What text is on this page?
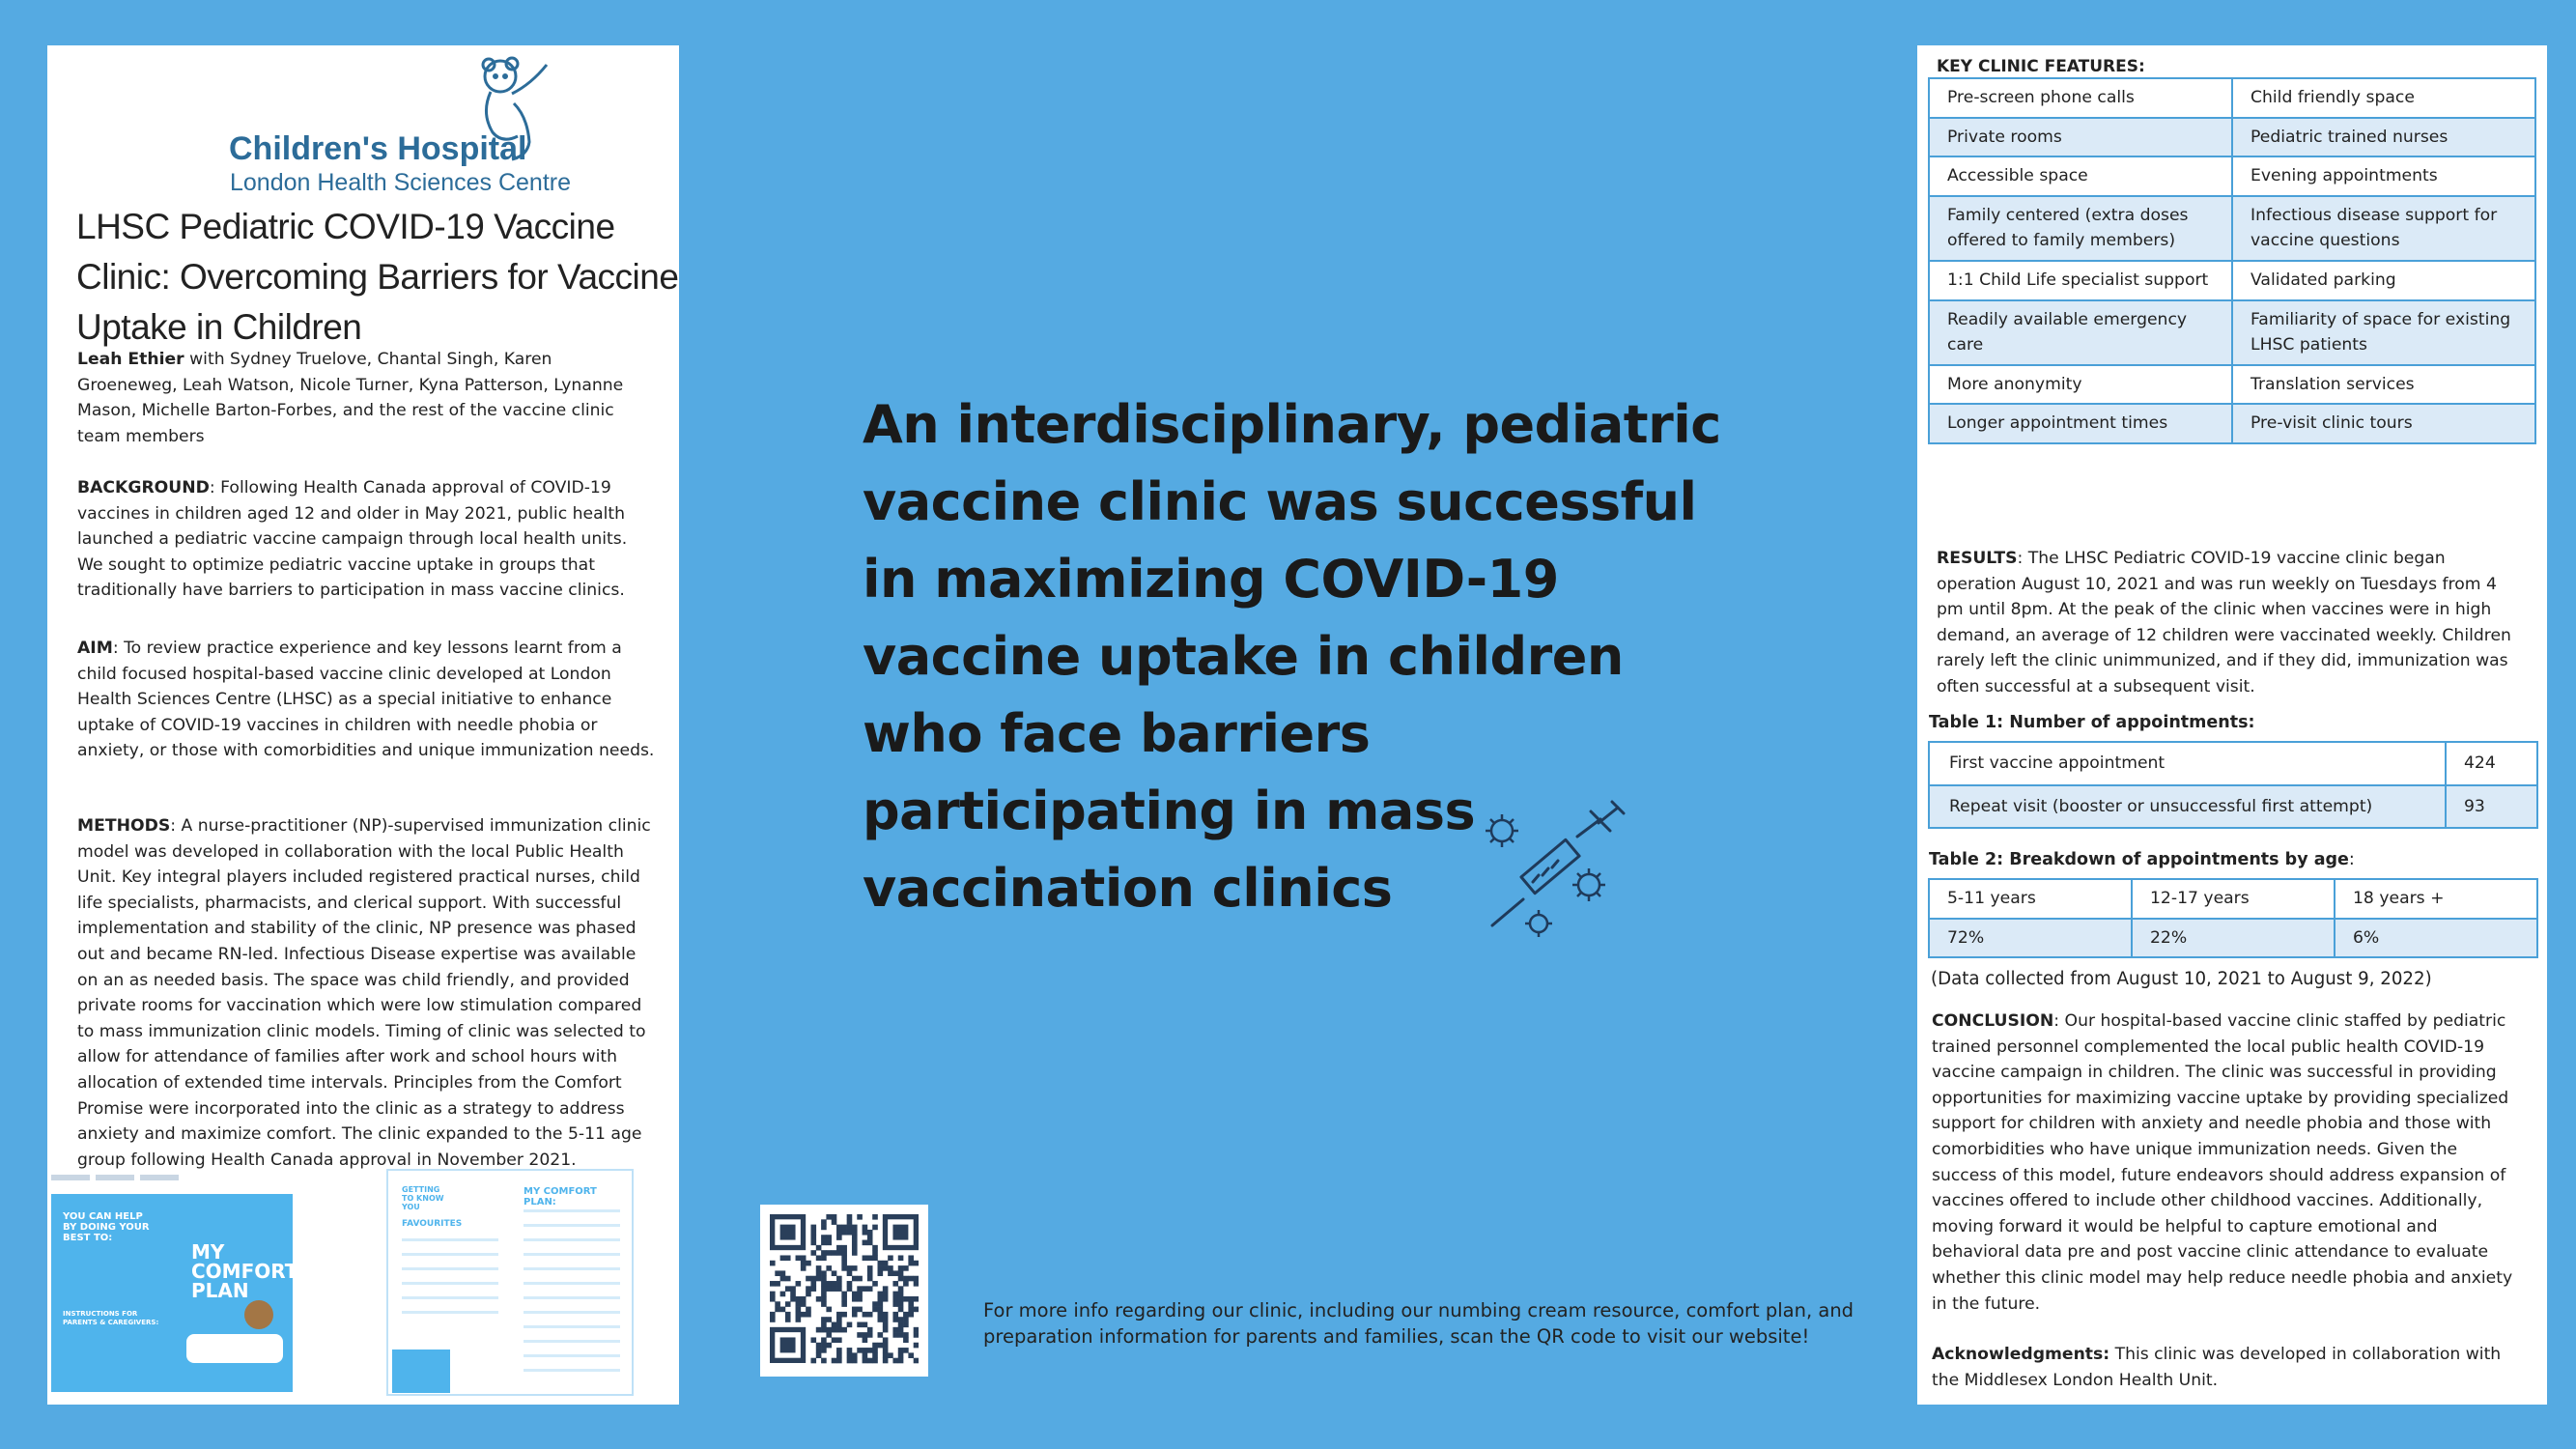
Children's Hospital
London Health Sciences Centre
LHSC Pediatric COVID-19 Vaccine Clinic: Overcoming Barriers for Vaccine Uptake in Children
Leah Ethier with Sydney Truelove, Chantal Singh, Karen Groeneweg, Leah Watson, Nicole Turner, Kyna Patterson, Lynanne Mason, Michelle Barton-Forbes, and the rest of the vaccine clinic team members
BACKGROUND: Following Health Canada approval of COVID-19 vaccines in children aged 12 and older in May 2021, public health launched a pediatric vaccine campaign through local health units. We sought to optimize pediatric vaccine uptake in groups that traditionally have barriers to participation in mass vaccine clinics.
AIM: To review practice experience and key lessons learnt from a child focused hospital-based vaccine clinic developed at London Health Sciences Centre (LHSC) as a special initiative to enhance uptake of COVID-19 vaccines in children with needle phobia or anxiety, or those with comorbidities and unique immunization needs.
METHODS: A nurse-practitioner (NP)-supervised immunization clinic model was developed in collaboration with the local Public Health Unit. Key integral players included registered practical nurses, child life specialists, pharmacists, and clerical support. With successful implementation and stability of the clinic, NP presence was phased out and became RN-led. Infectious Disease expertise was available on an as needed basis. The space was child friendly, and provided private rooms for vaccination which were low stimulation compared to mass immunization clinic models. Timing of clinic was selected to allow for attendance of families after work and school hours with allocation of extended time intervals. Principles from the Comfort Promise were incorporated into the clinic as a strategy to address anxiety and maximize comfort. The clinic expanded to the 5-11 age group following Health Canada approval in November 2021.
YOU CAN HELP BY DOING YOUR BEST TO:
MY COMFORT PLAN
INSTRUCTIONS FOR PARENTS & CAREGIVERS:
GETTING TO KNOW YOU
MY COMFORT PLAN:
FAVOURITES
An interdisciplinary, pediatric vaccine clinic was successful in maximizing COVID-19 vaccine uptake in children who face barriers participating in mass vaccination clinics
For more info regarding our clinic, including our numbing cream resource, comfort plan, and preparation information for parents and families, scan the QR code to visit our website!
KEY CLINIC FEATURES:
Pre-screen phone calls	Child friendly space
Private rooms	Pediatric trained nurses
Accessible space	Evening appointments
Family centered (extra doses offered to family members)	Infectious disease support for vaccine questions
1:1 Child Life specialist support	Validated parking
Readily available emergency care	Familiarity of space for existing LHSC patients
More anonymity	Translation services
Longer appointment times	Pre-visit clinic tours
RESULTS: The LHSC Pediatric COVID-19 vaccine clinic began operation August 10, 2021 and was run weekly on Tuesdays from 4 pm until 8pm. At the peak of the clinic when vaccines were in high demand, an average of 12 children were vaccinated weekly. Children rarely left the clinic unimmunized, and if they did, immunization was often successful at a subsequent visit.
Table 1: Number of appointments:
First vaccine appointment	424
Repeat visit (booster or unsuccessful first attempt)	93
Table 2: Breakdown of appointments by age:
5-11 years	12-17 years	18 years +
72%	22%	6%
(Data collected from August 10, 2021 to August 9, 2022)
CONCLUSION: Our hospital-based vaccine clinic staffed by pediatric trained personnel complemented the local public health COVID-19 vaccine campaign in children. The clinic was successful in providing opportunities for maximizing vaccine uptake by providing specialized support for children with anxiety and needle phobia and those with comorbidities who have unique immunization needs. Given the success of this model, future endeavors should address expansion of vaccines offered to include other childhood vaccines. Additionally, moving forward it would be helpful to capture emotional and behavioral data pre and post vaccine clinic attendance to evaluate whether this clinic model may help reduce needle phobia and anxiety in the future.
Acknowledgments: This clinic was developed in collaboration with the Middlesex London Health Unit.
